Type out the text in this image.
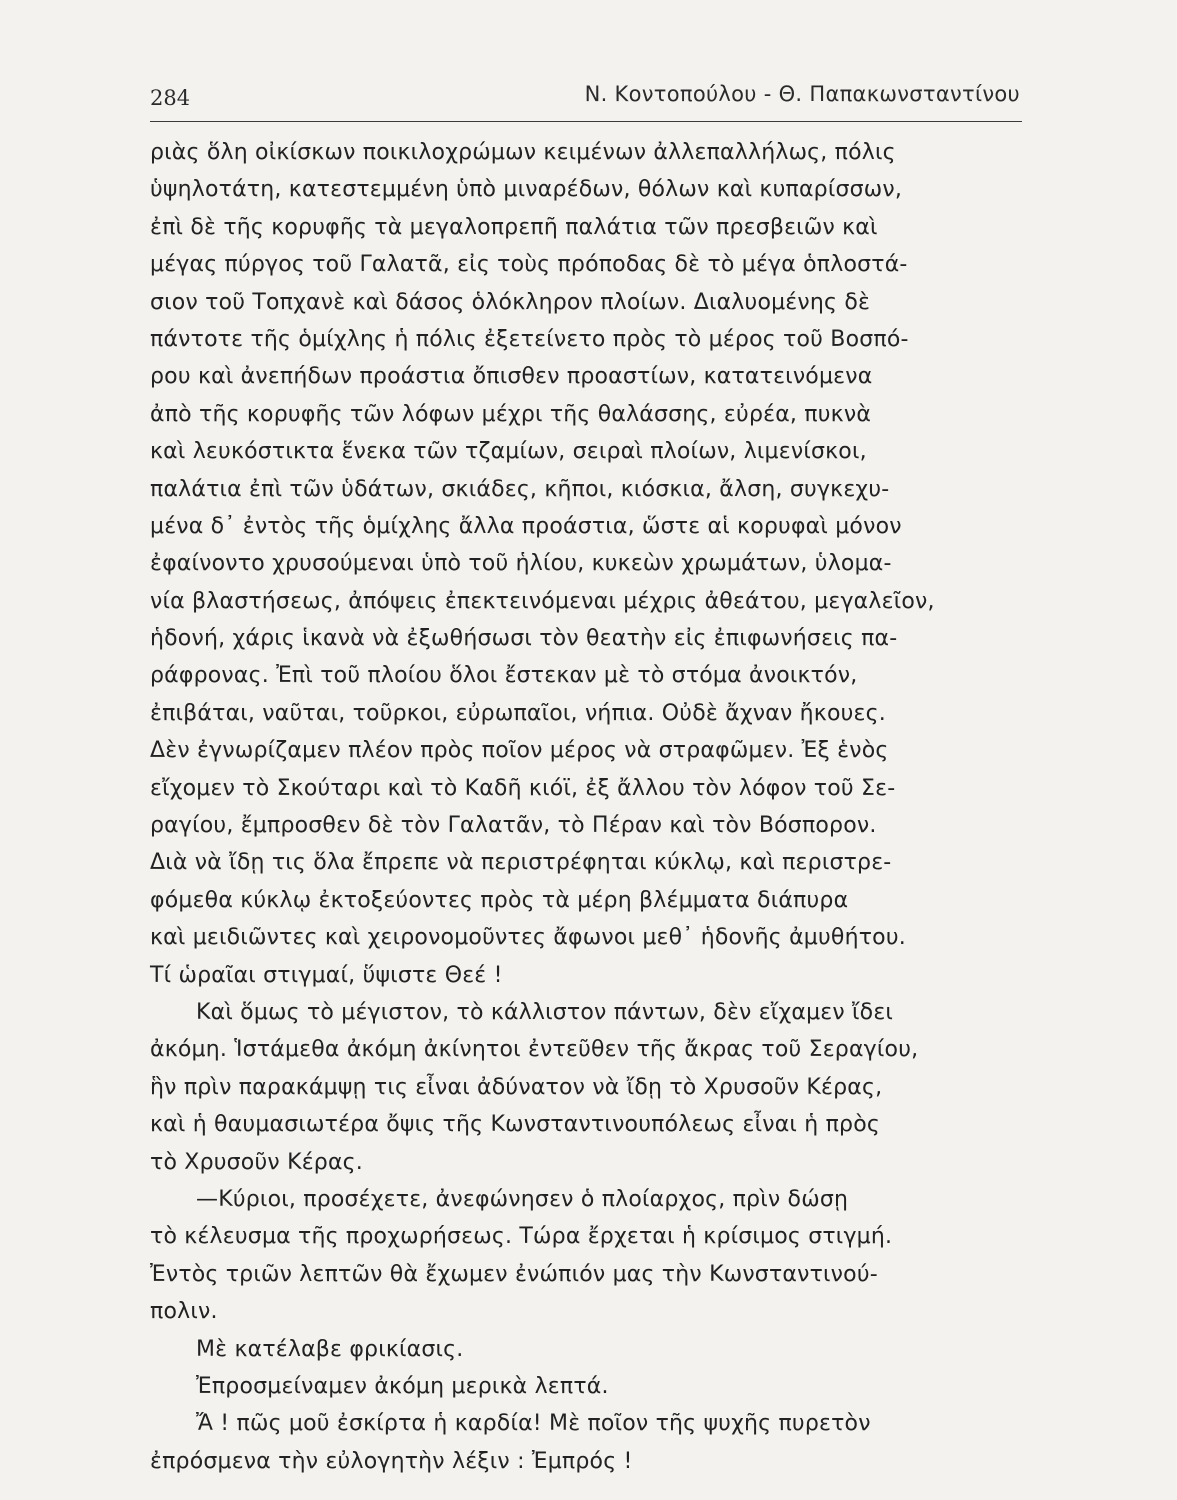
284	Ν. Κοντοπούλου - Θ. Παπακωνσταντίνου
ριὰς ὅλη οἰκίσκων ποικιλοχρώμων κειμένων ἀλλεπαλλήλως, πόλις
ὑψηλοτάτη, κατεστεμμένη ὑπὸ μιναρέδων, θόλων καὶ κυπαρίσσων,
ἐπὶ δὲ τῆς κορυφῆς τὰ μεγαλοπρεπῆ παλάτια τῶν πρεσβειῶν καὶ
μέγας πύργος τοῦ Γαλατᾶ, εἰς τοὺς πρόποδας δὲ τὸ μέγα ὁπλοστά-
σιον τοῦ Τοπχανὲ καὶ δάσος ὁλόκληρον πλοίων. Διαλυομένης δὲ
πάντοτε τῆς ὁμίχλης ἡ πόλις ἐξετείνετο πρὸς τὸ μέρος τοῦ Βοσπό-
ρου καὶ ἀνεπήδων προάστια ὄπισθεν προαστίων, κατατεινόμενα
ἀπὸ τῆς κορυφῆς τῶν λόφων μέχρι τῆς θαλάσσης, εὐρέα, πυκνὰ
καὶ λευκόστικτα ἕνεκα τῶν τζαμίων, σειραὶ πλοίων, λιμενίσκοι,
παλάτια ἐπὶ τῶν ὑδάτων, σκιάδες, κῆποι, κιόσκια, ἄλση, συγκεχυ-
μένα δ᾽ ἐντὸς τῆς ὁμίχλης ἄλλα προάστια, ὥστε αἱ κορυφαὶ μόνον
ἐφαίνοντο χρυσούμεναι ὑπὸ τοῦ ἡλίου, κυκεὼν χρωμάτων, ὑλομα-
νία βλαστήσεως, ἀπόψεις ἐπεκτεινόμεναι μέχρις ἀθεάτου, μεγαλεῖον,
ἡδονή, χάρις ἱκανὰ νὰ ἐξωθήσωσι τὸν θεατὴν εἰς ἐπιφωνήσεις πα-
ράφρονας. Ἐπὶ τοῦ πλοίου ὅλοι ἔστεκαν μὲ τὸ στόμα ἀνοικτόν,
ἐπιβάται, ναῦται, τοῦρκοι, εὐρωπαῖοι, νήπια. Οὐδὲ ἄχναν ἤκουες.
Δὲν ἐγνωρίζαμεν πλέον πρὸς ποῖον μέρος νὰ στραφῶμεν. Ἐξ ἑνὸς
εἴχομεν τὸ Σκούταρι καὶ τὸ Καδῆ κιόϊ, ἐξ ἄλλου τὸν λόφον τοῦ Σε-
ραγίου, ἔμπροσθεν δὲ τὸν Γαλατᾶν, τὸ Πέραν καὶ τὸν Βόσπορον.
Διὰ νὰ ἴδῃ τις ὅλα ἔπρεπε νὰ περιστρέφηται κύκλῳ, καὶ περιστρε-
φόμεθα κύκλῳ ἐκτοξεύοντες πρὸς τὰ μέρη βλέμματα διάπυρα
καὶ μειδιῶντες καὶ χειρονομοῦντες ἄφωνοι μεθ᾽ ἡδονῆς ἀμυθήτου.
Τί ὡραῖαι στιγμαί, ὕψιστε Θεέ !
Καὶ ὅμως τὸ μέγιστον, τὸ κάλλιστον πάντων, δὲν εἴχαμεν ἴδει
ἀκόμη. Ἱστάμεθα ἀκόμη ἀκίνητοι ἐντεῦθεν τῆς ἄκρας τοῦ Σεραγίου,
ἣν πρὶν παρακάμψῃ τις εἶναι ἀδύνατον νὰ ἴδῃ τὸ Χρυσοῦν Κέρας,
καὶ ἡ θαυμασιωτέρα ὄψις τῆς Κωνσταντινουπόλεως εἶναι ἡ πρὸς
τὸ Χρυσοῦν Κέρας.
—Κύριοι, προσέχετε, ἀνεφώνησεν ὁ πλοίαρχος, πρὶν δώσῃ
τὸ κέλευσμα τῆς προχωρήσεως. Τώρα ἔρχεται ἡ κρίσιμος στιγμή.
Ἐντὸς τριῶν λεπτῶν θὰ ἔχωμεν ἐνώπιόν μας τὴν Κωνσταντινού-
πολιν.
Μὲ κατέλαβε φρικίασις.
Ἐπροσμείναμεν ἀκόμη μερικὰ λεπτά.
Ἄ ! πῶς μοῦ ἐσκίρτα ἡ καρδία! Μὲ ποῖον τῆς ψυχῆς πυρετὸν
ἐπρόσμενα τὴν εὐλογητὴν λέξιν : Ἐμπρός !
